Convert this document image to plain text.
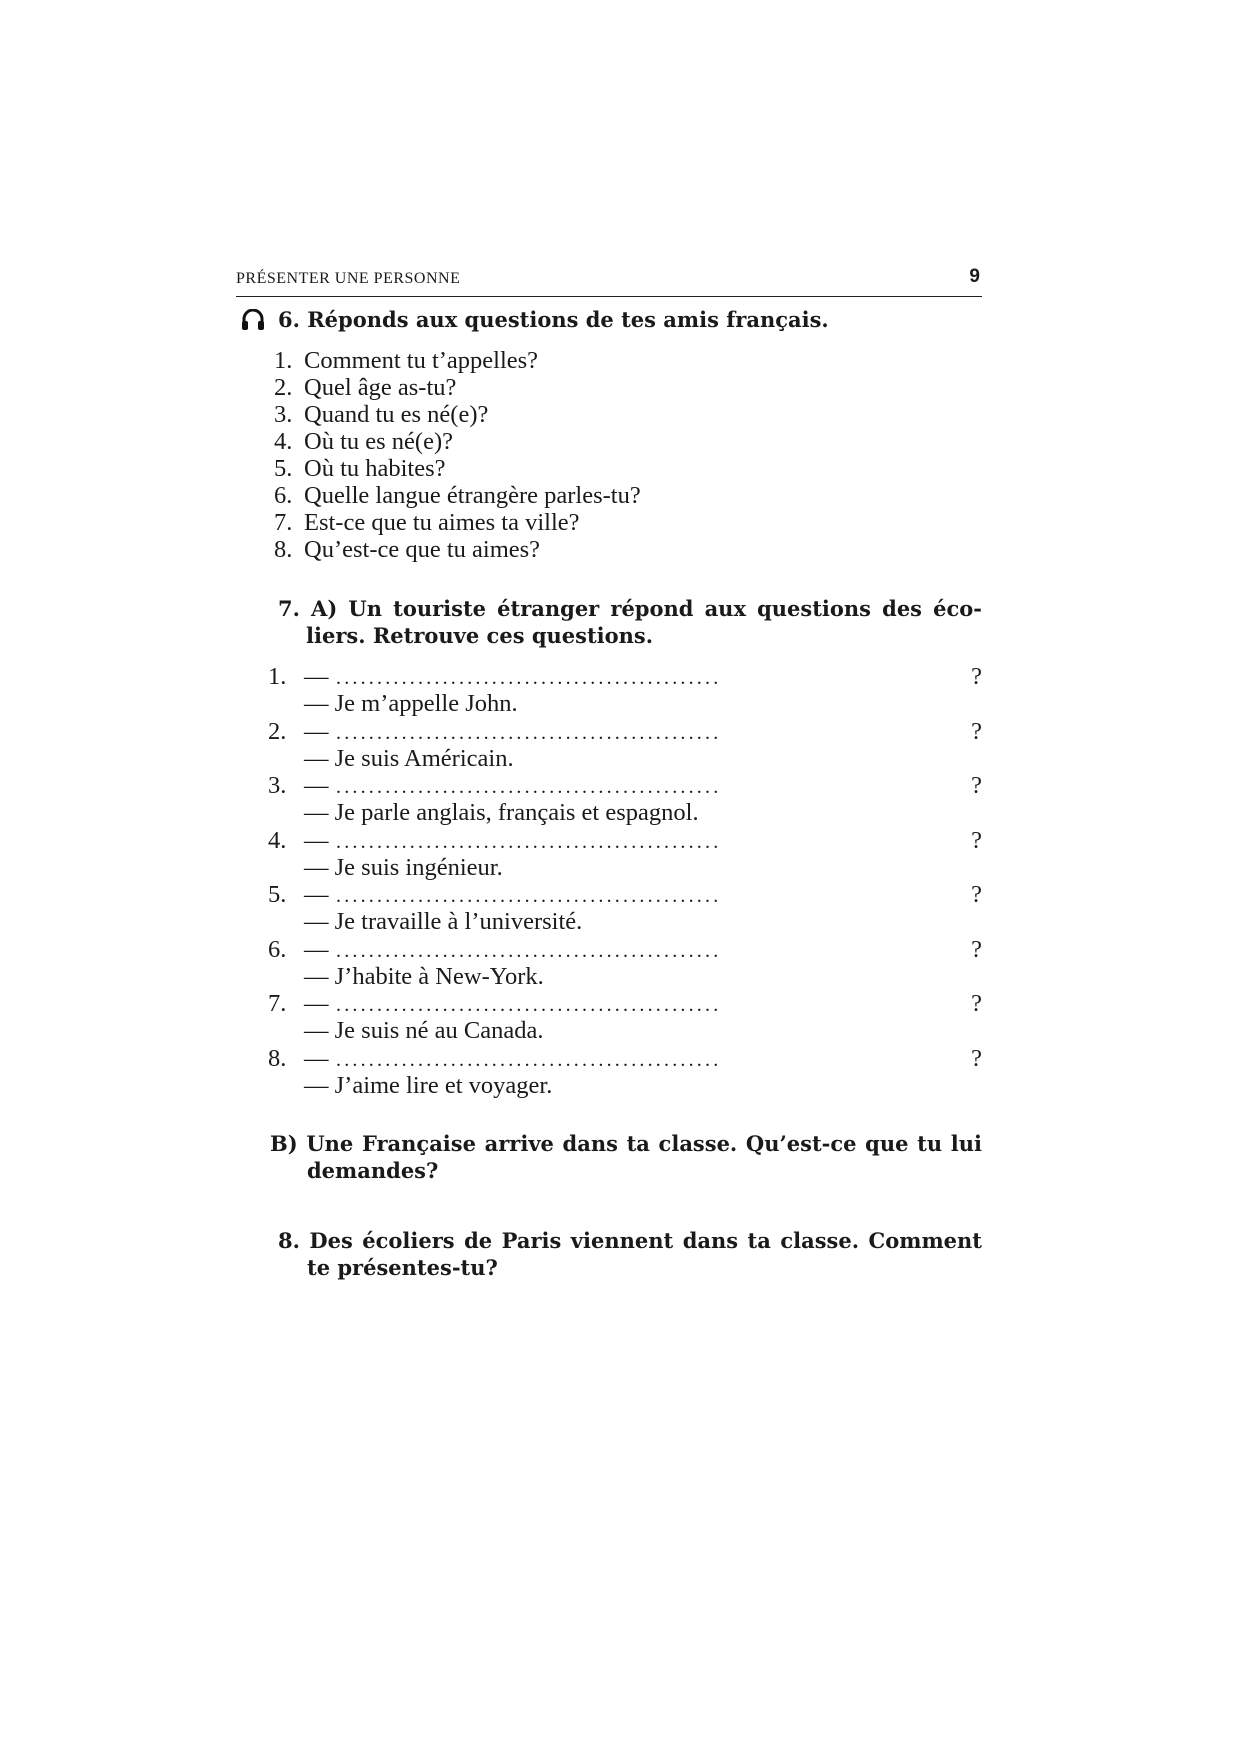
PRÉSENTER UNE PERSONNE	9
6. Réponds aux questions de tes amis français.
1. Comment tu t’appelles?
2. Quel âge as-tu?
3. Quand tu es né(e)?
4. Où tu es né(e)?
5. Où tu habites?
6. Quelle langue étrangère parles-tu?
7. Est-ce que tu aimes ta ville?
8. Qu’est-ce que tu aimes?
7. A) Un touriste étranger répond aux questions des éco-
liers. Retrouve ces questions.
1. — ...............................................	?
— Je m’appelle John.
2. — ...............................................	?
— Je suis Américain.
3. — ...............................................	?
— Je parle anglais, français et espagnol.
4. — ...............................................	?
— Je suis ingénieur.
5. — ...............................................	?
— Je travaille à l’université.
6. — ...............................................	?
— J’habite à New-York.
7. — ...............................................	?
— Je suis né au Canada.
8. — ...............................................	?
— J’aime lire et voyager.
B) Une Française arrive dans ta classe. Qu’est-ce que tu lui
demandes?
8. Des écoliers de Paris viennent dans ta classe. Comment
te présentes-tu?
